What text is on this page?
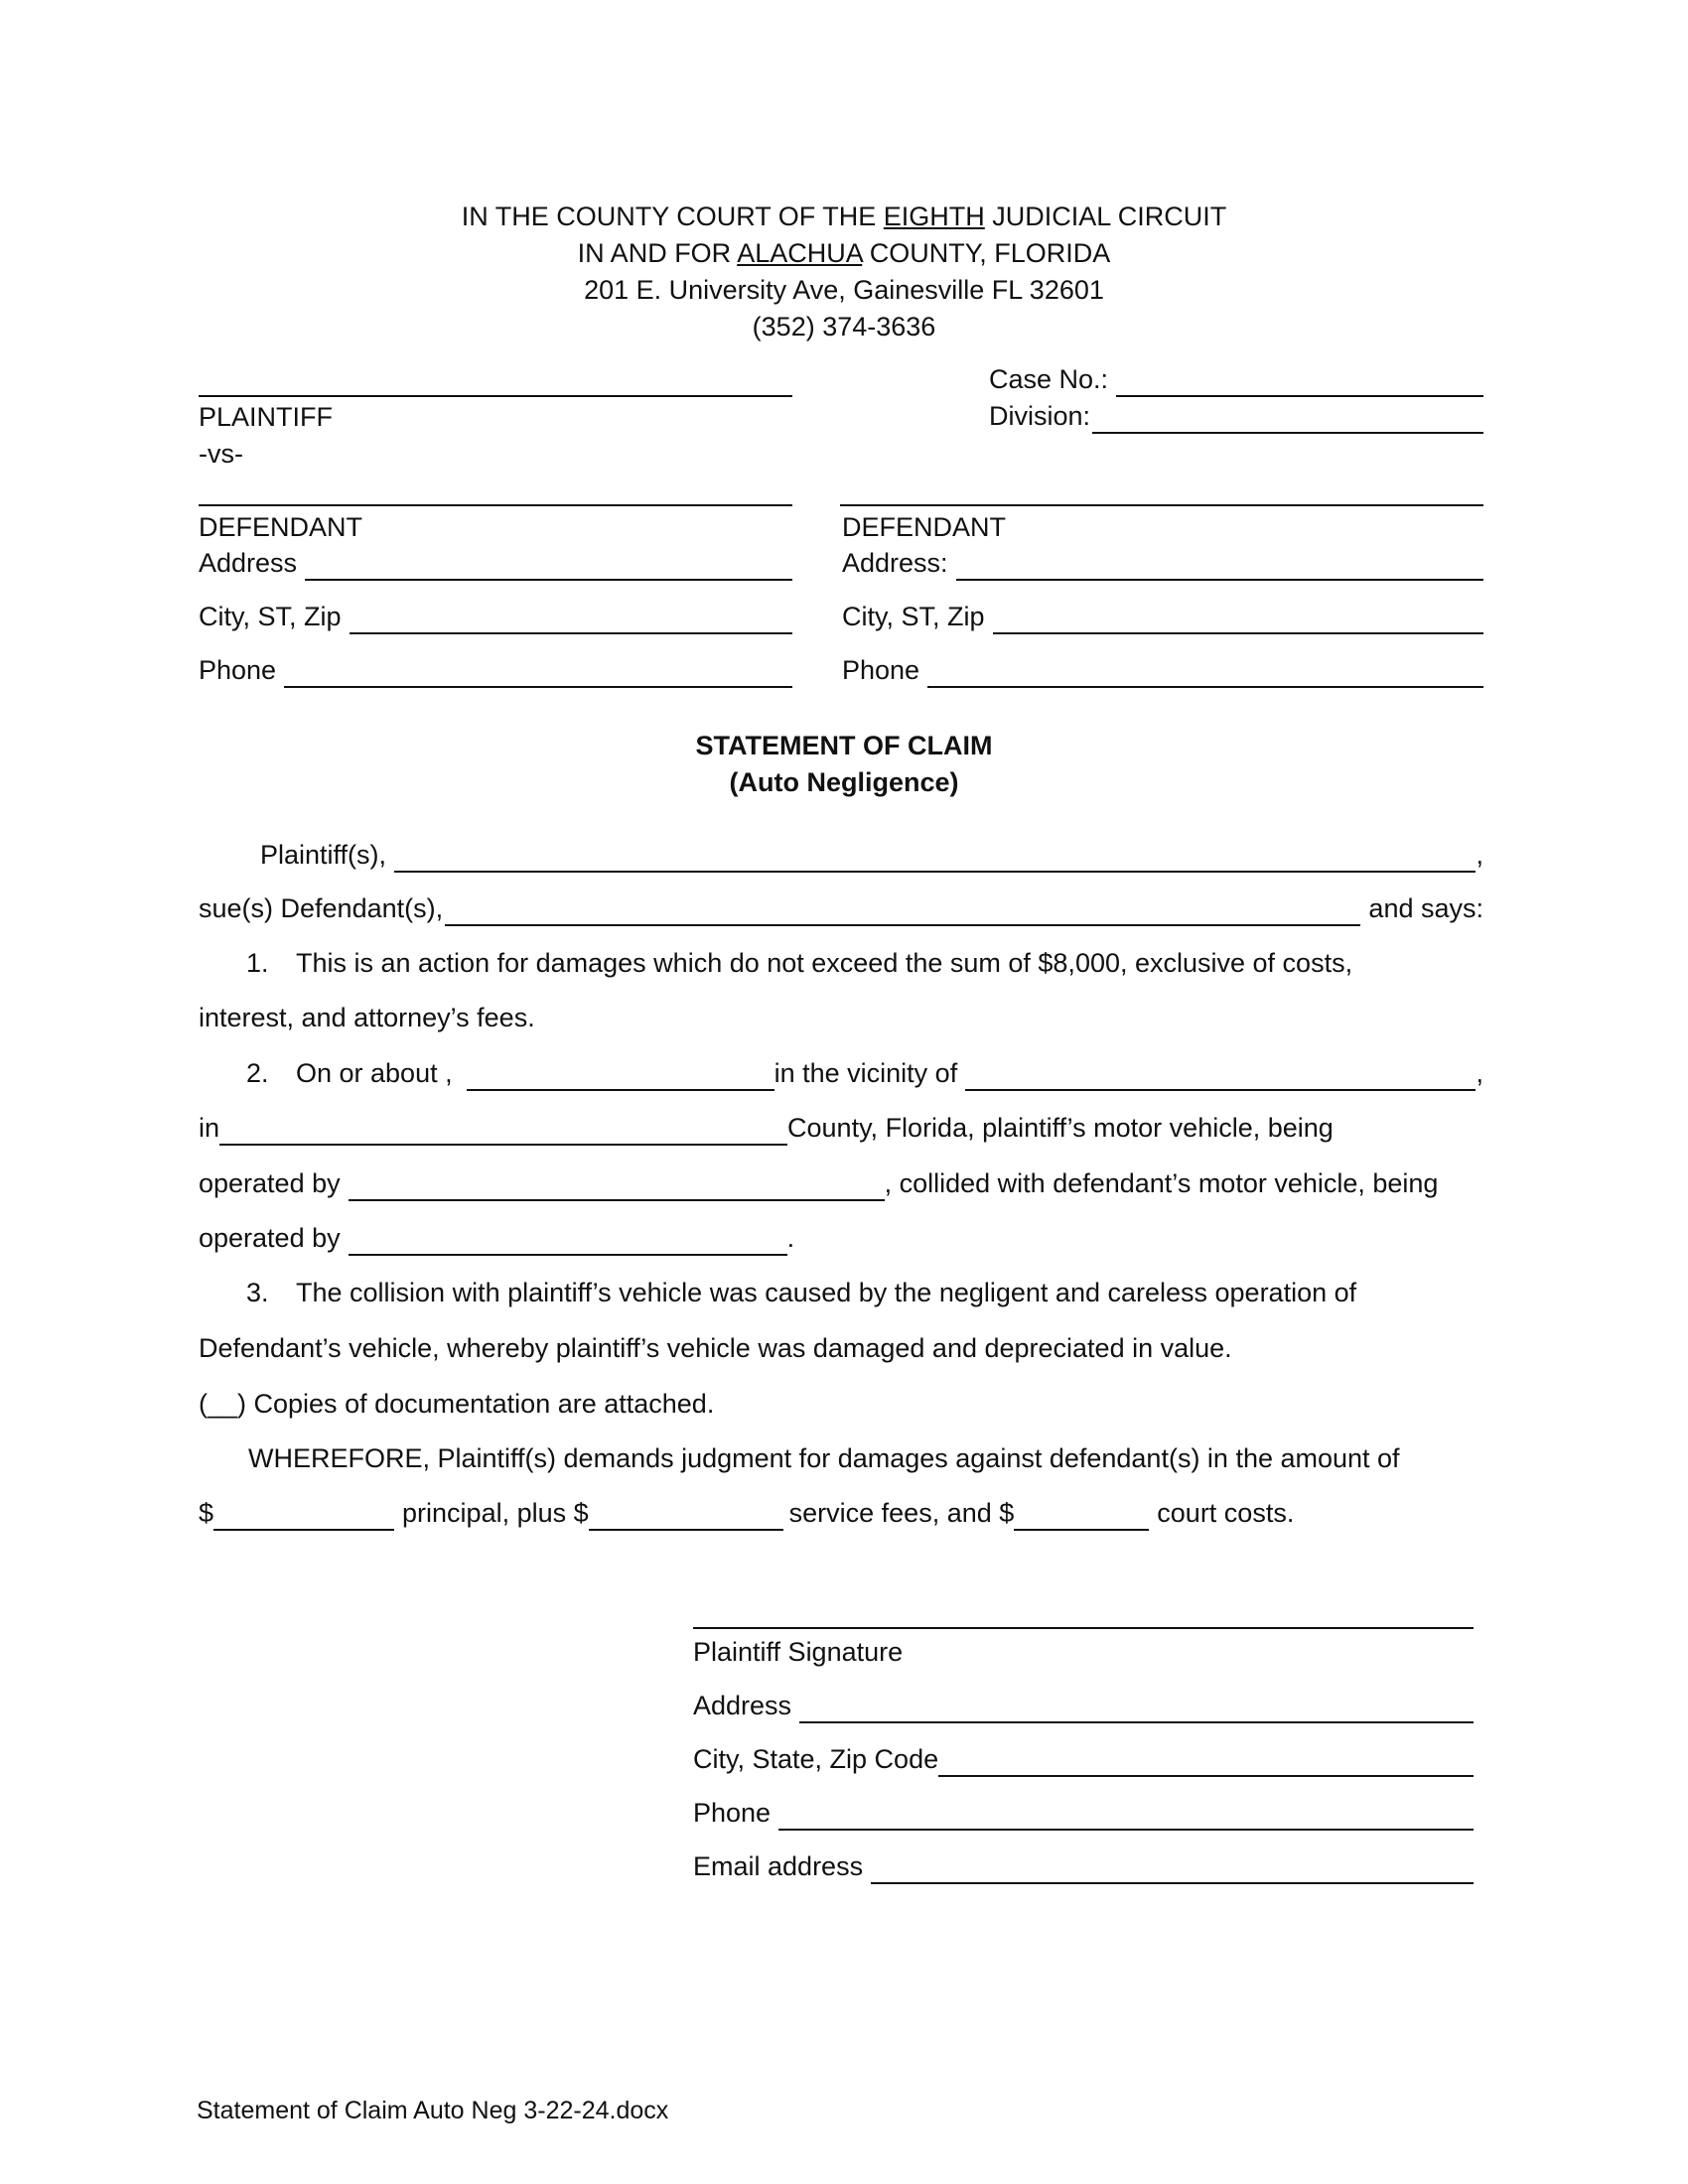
IN THE COUNTY COURT OF THE EIGHTH JUDICIAL CIRCUIT
IN AND FOR ALACHUA COUNTY, FLORIDA
201 E. University Ave, Gainesville FL 32601
(352) 374-3636
PLAINTIFF
-vs-
Case No.:
Division:
DEFENDANT
Address
City, ST, Zip
Phone
DEFENDANT
Address:
City, ST, Zip
Phone
STATEMENT OF CLAIM
(Auto Negligence)
Plaintiff(s),	,
sue(s) Defendant(s),	and says:
1. This is an action for damages which do not exceed the sum of $8,000, exclusive of costs,
interest, and attorney’s fees.
2. On or about ,	in the vicinity of	,
in	County, Florida, plaintiff’s motor vehicle, being
operated by	, collided with defendant’s motor vehicle, being
operated by	.
3. The collision with plaintiff’s vehicle was caused by the negligent and careless operation of
Defendant’s vehicle, whereby plaintiff’s vehicle was damaged and depreciated in value.
(__) Copies of documentation are attached.
WHEREFORE, Plaintiff(s) demands judgment for damages against defendant(s) in the amount of
$	principal, plus $	service fees, and $	court costs.
Plaintiff Signature
Address
City, State, Zip Code
Phone
Email address
Statement of Claim Auto Neg 3-22-24.docx
